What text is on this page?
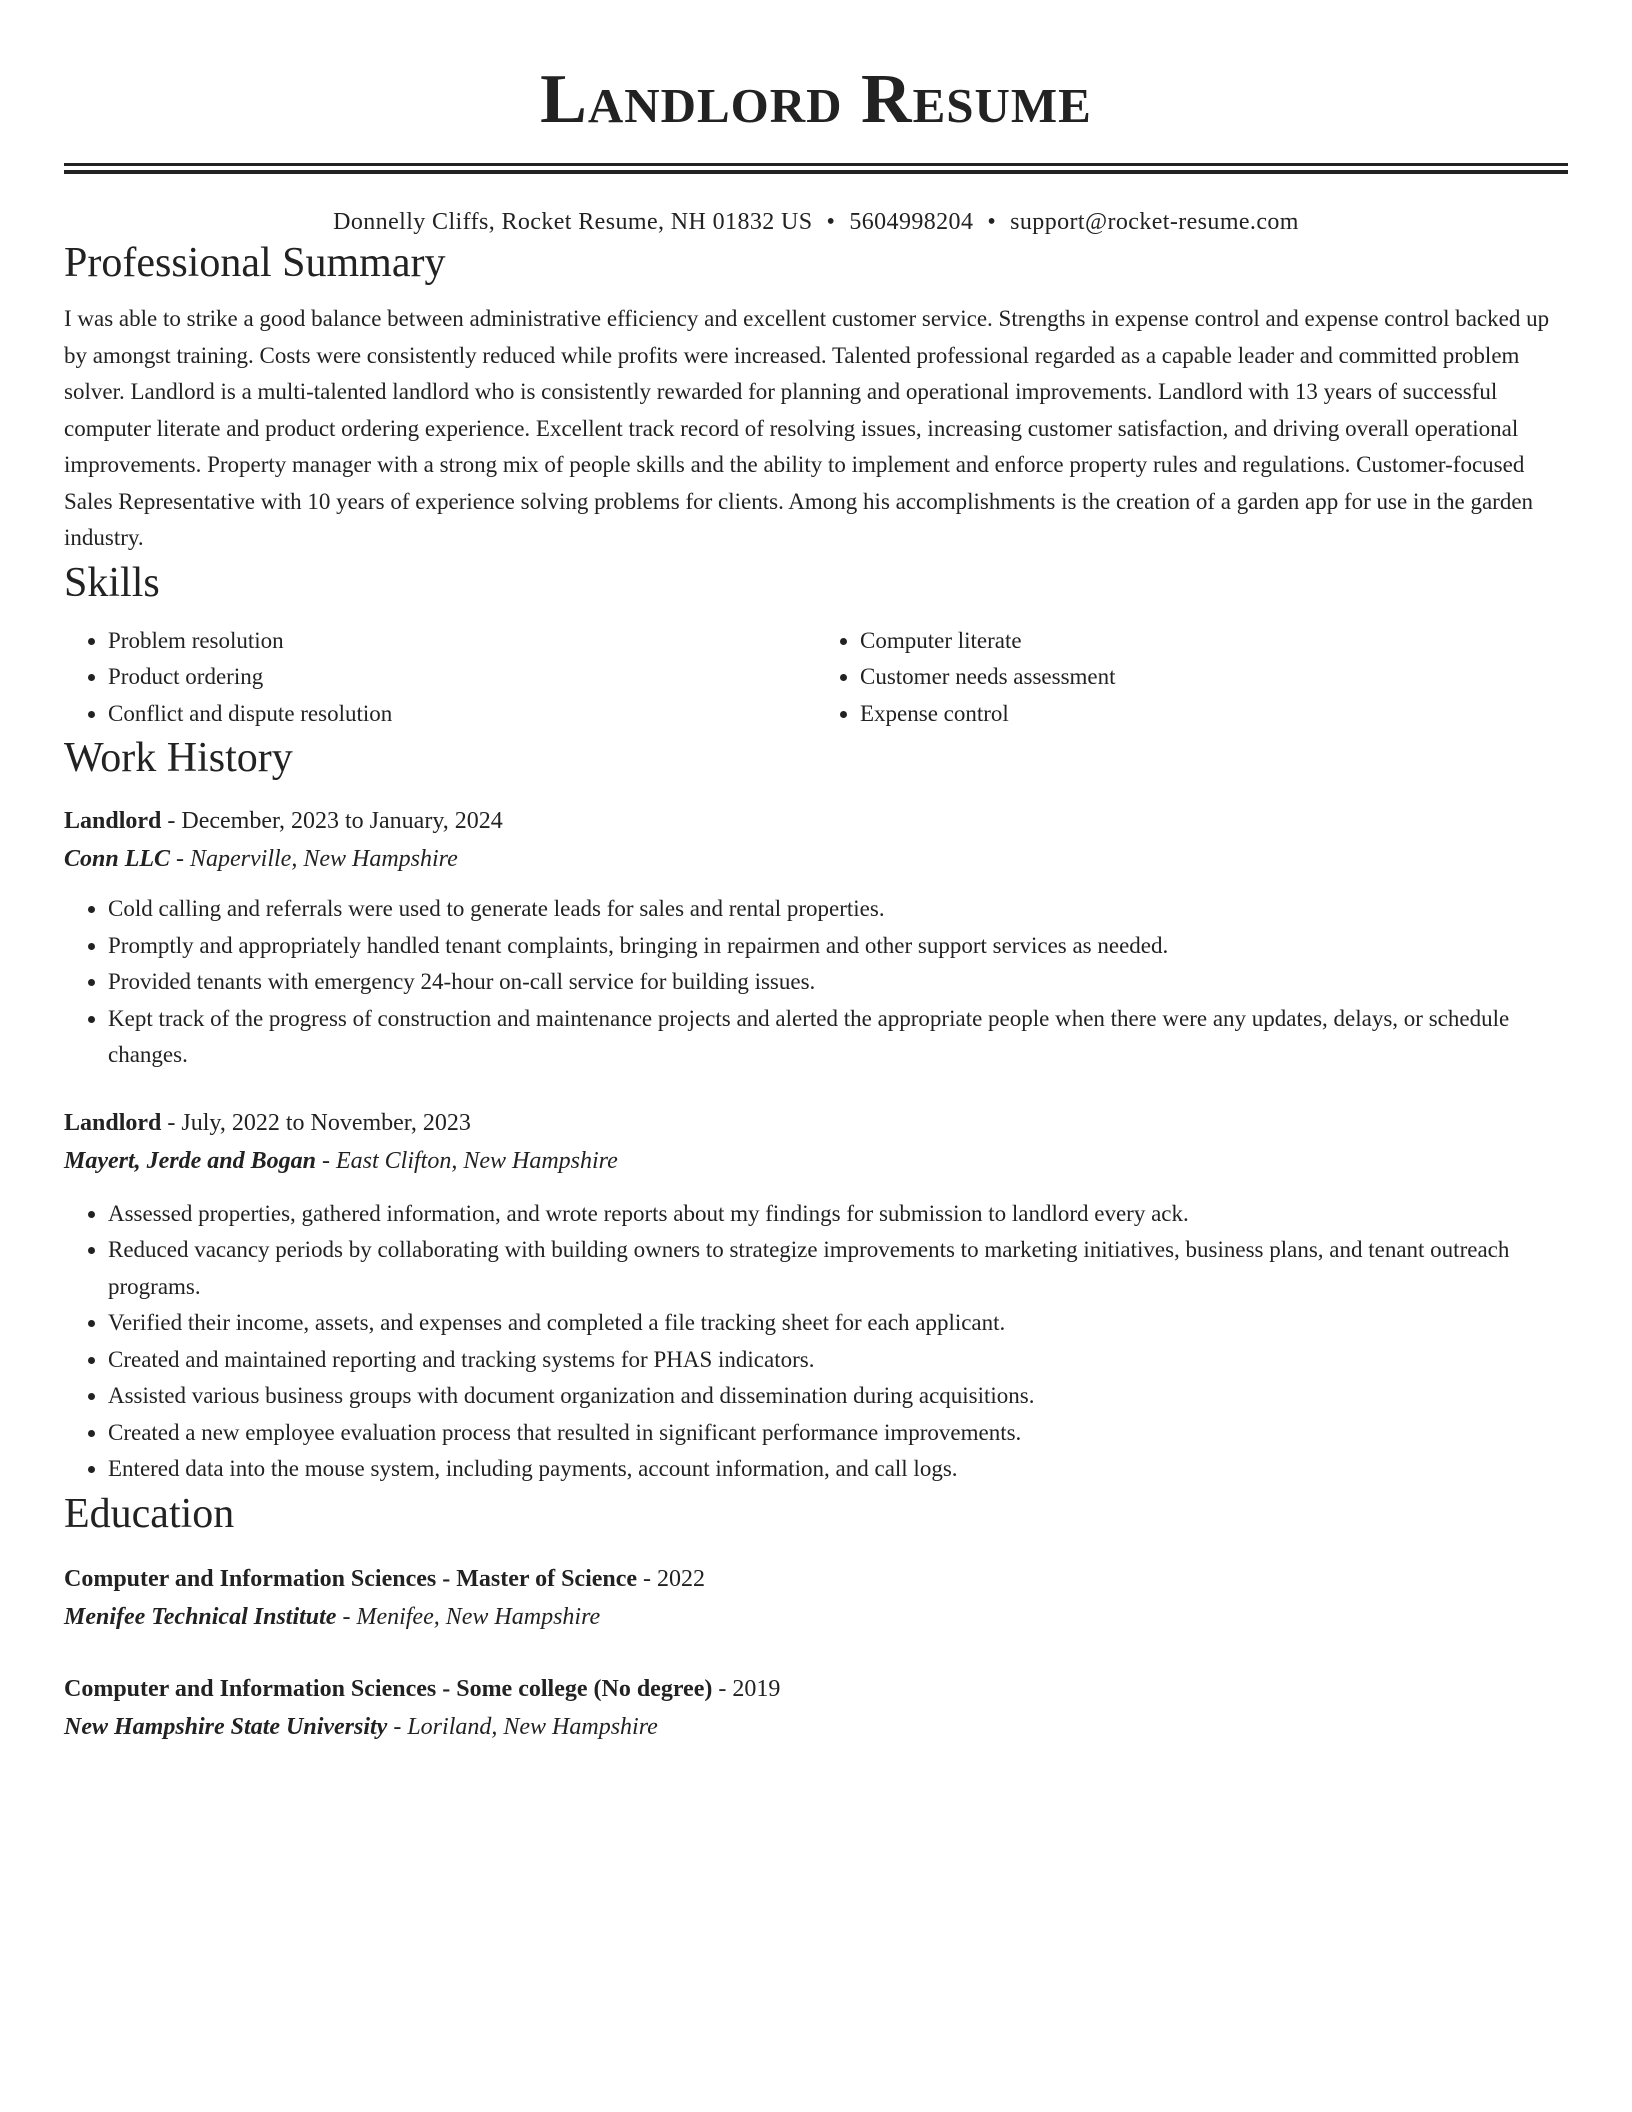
Landlord Resume
Donnelly Cliffs, Rocket Resume, NH 01832 US • 5604998204 • support@rocket-resume.com
Professional Summary

I was able to strike a good balance between administrative efficiency and excellent customer service. Strengths in expense control and expense control backed up by amongst training. Costs were consistently reduced while profits were increased. Talented professional regarded as a capable leader and committed problem solver. Landlord is a multi-talented landlord who is consistently rewarded for planning and operational improvements. Landlord with 13 years of successful computer literate and product ordering experience. Excellent track record of resolving issues, increasing customer satisfaction, and driving overall operational improvements. Property manager with a strong mix of people skills and the ability to implement and enforce property rules and regulations. Customer-focused Sales Representative with 10 years of experience solving problems for clients. Among his accomplishments is the creation of a garden app for use in the garden industry.

Skills
• Problem resolution
• Product ordering
• Conflict and dispute resolution
• Computer literate
• Customer needs assessment
• Expense control
Work History
Landlord - December, 2023 to January, 2024
Conn LLC - Naperville, New Hampshire
• Cold calling and referrals were used to generate leads for sales and rental properties.
• Promptly and appropriately handled tenant complaints, bringing in repairmen and other support services as needed.
• Provided tenants with emergency 24-hour on-call service for building issues.
• Kept track of the progress of construction and maintenance projects and alerted the appropriate people when there were any updates, delays, or schedule changes.
Landlord - July, 2022 to November, 2023
Mayert, Jerde and Bogan - East Clifton, New Hampshire
• Assessed properties, gathered information, and wrote reports about my findings for submission to landlord every ack.
• Reduced vacancy periods by collaborating with building owners to strategize improvements to marketing initiatives, business plans, and tenant outreach programs.
• Verified their income, assets, and expenses and completed a file tracking sheet for each applicant.
• Created and maintained reporting and tracking systems for PHAS indicators.
• Assisted various business groups with document organization and dissemination during acquisitions.
• Created a new employee evaluation process that resulted in significant performance improvements.
• Entered data into the mouse system, including payments, account information, and call logs.
Education
Computer and Information Sciences - Master of Science - 2022
Menifee Technical Institute - Menifee, New Hampshire
Computer and Information Sciences - Some college (No degree) - 2019
New Hampshire State University - Loriland, New Hampshire
